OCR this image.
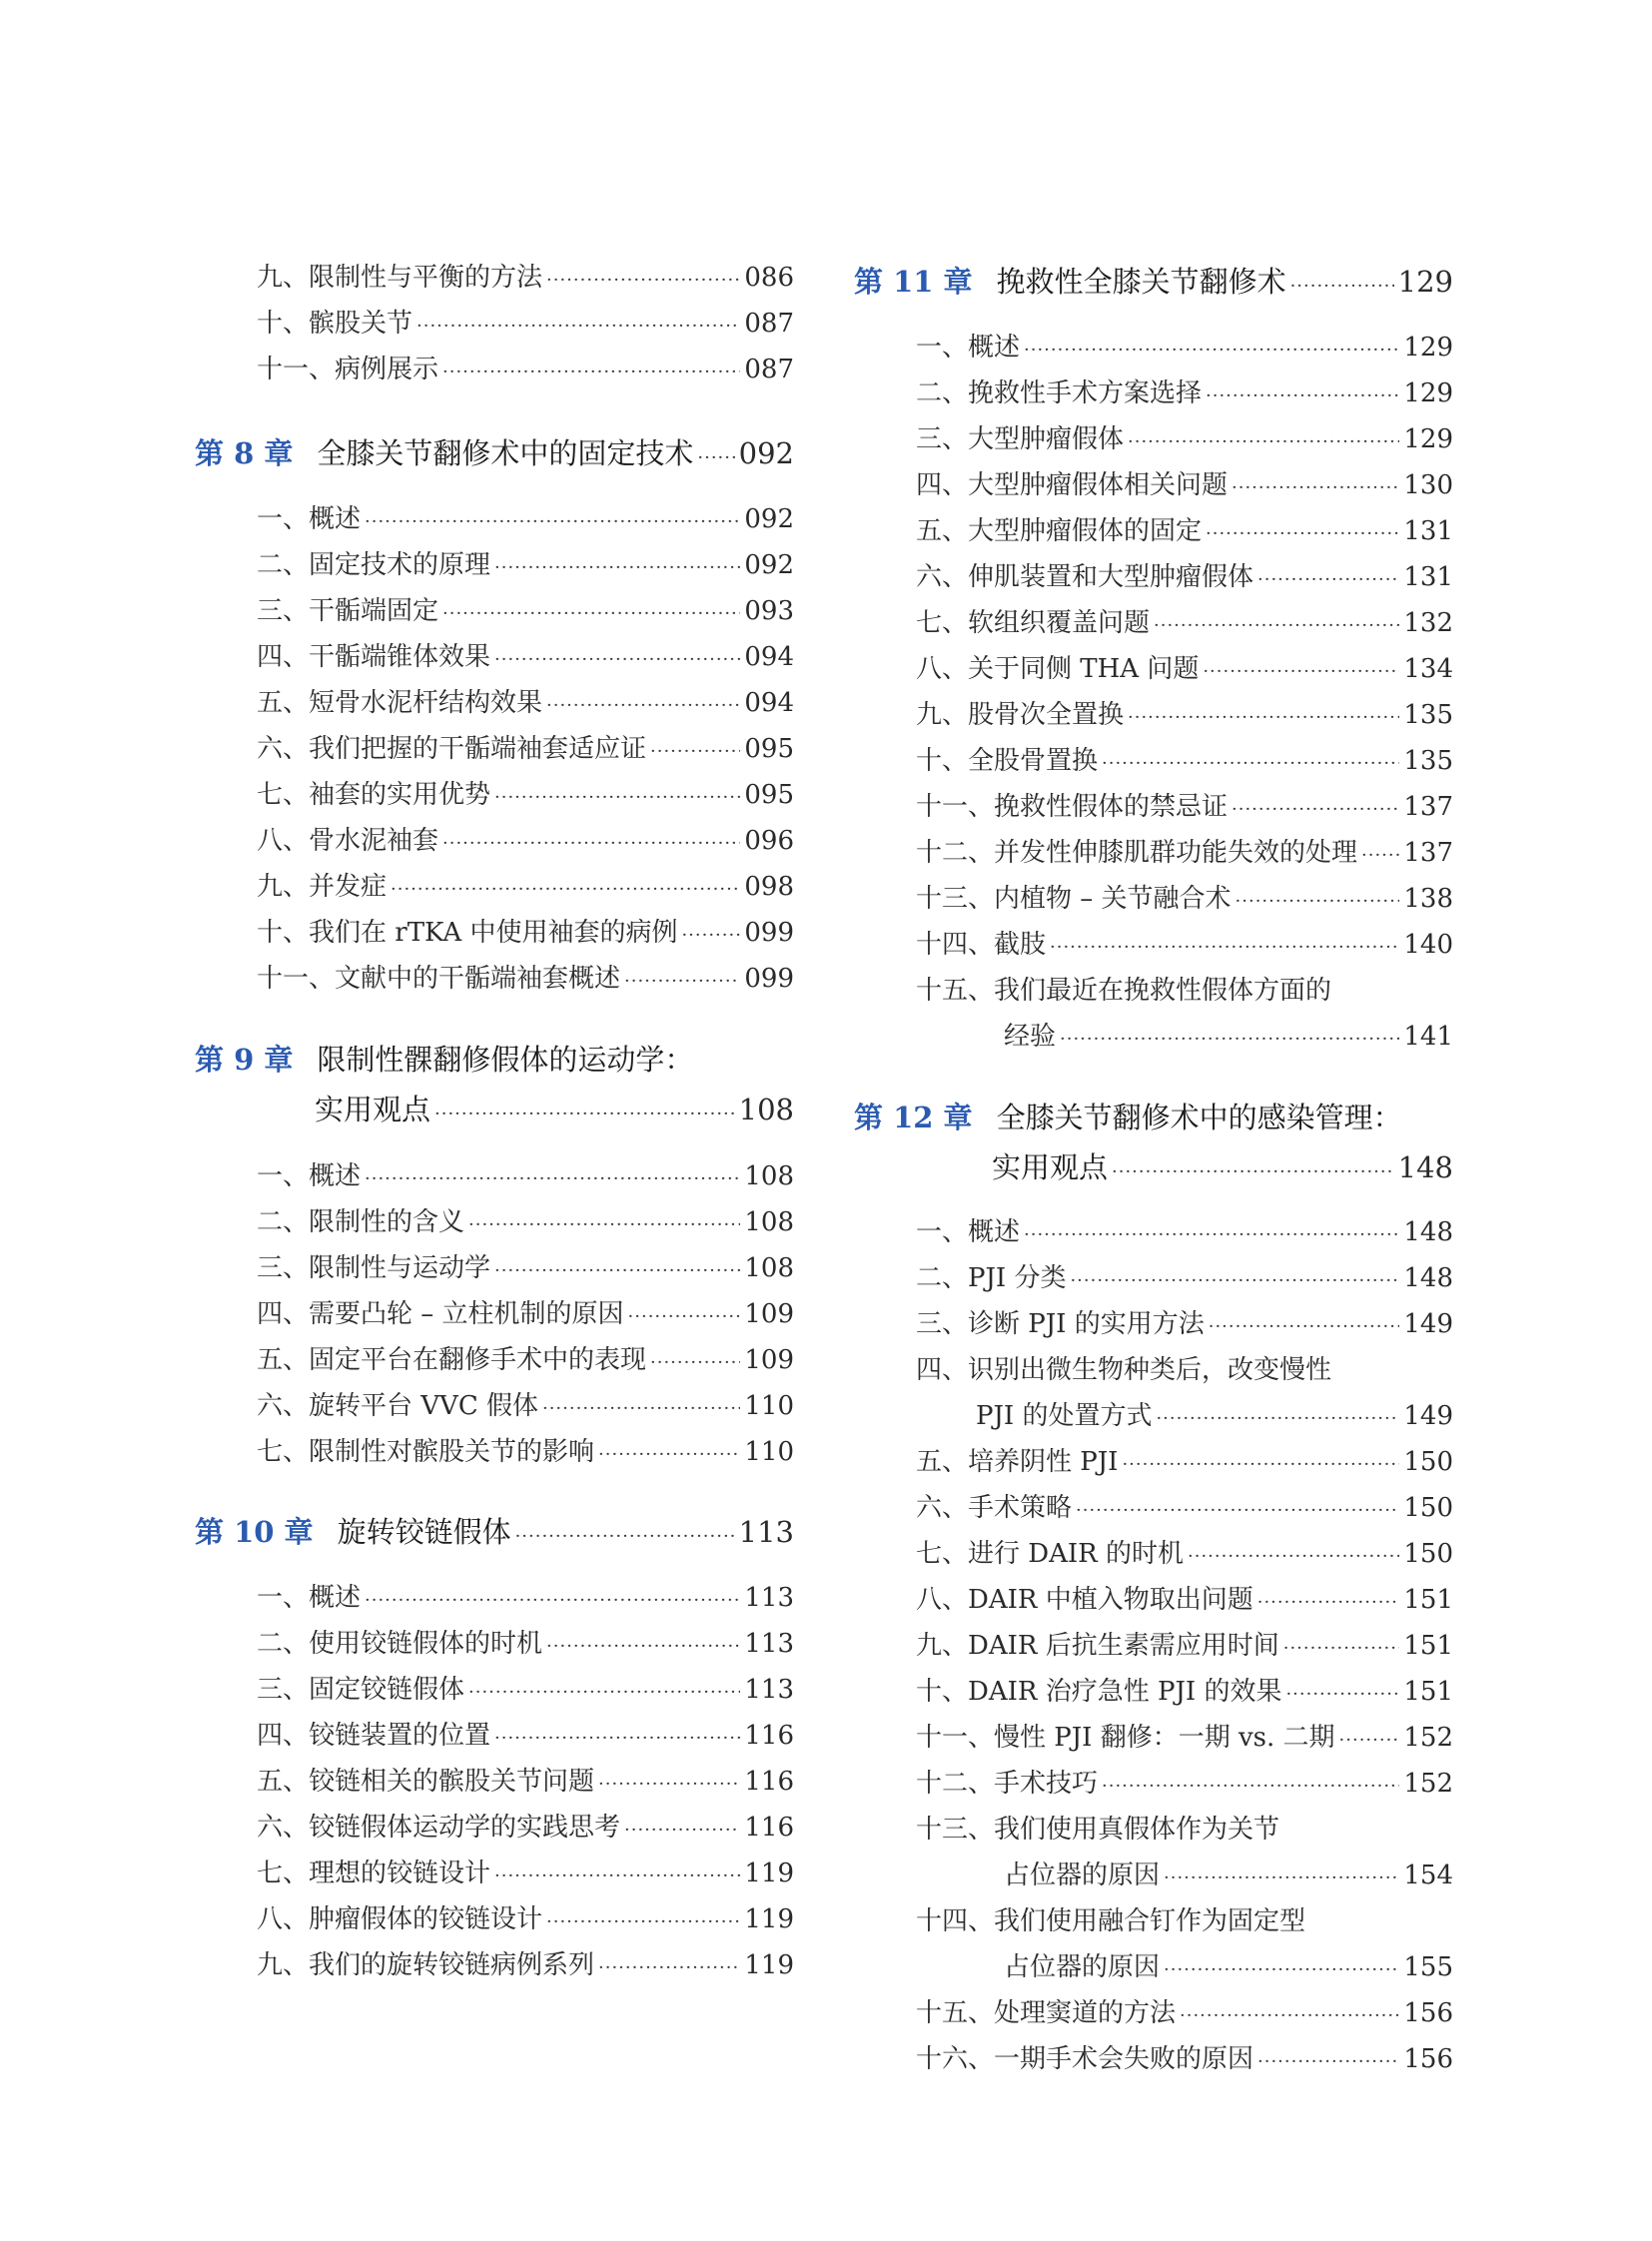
九、限制性与平衡的方法 ·····	086
十、髌股关节 ·····	087
十一、病例展示 ·····	087
第 8 章 全膝关节翻修术中的固定技术 ····· 092
一、概述 ·····	092
二、固定技术的原理 ·····	092
三、干骺端固定 ·····	093
四、干骺端锥体效果 ·····	094
五、短骨水泥杆结构效果 ·····	094
六、我们把握的干骺端袖套适应证 ·····	095
七、袖套的实用优势 ·····	095
八、骨水泥袖套 ·····	096
九、并发症 ·····	098
十、我们在 rTKA 中使用袖套的病例 ·····	099
十一、文献中的干骺端袖套概述 ·····	099
第 9 章 限制性髁翻修假体的运动学：
实用观点 ·····	108
一、概述 ·····	108
二、限制性的含义 ·····	108
三、限制性与运动学 ·····	108
四、需要凸轮 – 立柱机制的原因 ·····	109
五、固定平台在翻修手术中的表现 ·····	109
六、旋转平台 VVC 假体 ·····	110
七、限制性对髌股关节的影响 ·····	110
第 10 章 旋转铰链假体 ·····	113
一、概述 ·····	113
二、使用铰链假体的时机 ·····	113
三、固定铰链假体 ·····	113
四、铰链装置的位置 ·····	116
五、铰链相关的髌股关节问题 ·····	116
六、铰链假体运动学的实践思考 ·····	116
七、理想的铰链设计 ·····	119
八、肿瘤假体的铰链设计 ·····	119
九、我们的旋转铰链病例系列 ·····	119
第 11 章 挽救性全膝关节翻修术 ·····	129
一、概述 ·····	129
二、挽救性手术方案选择 ·····	129
三、大型肿瘤假体 ·····	129
四、大型肿瘤假体相关问题 ·····	130
五、大型肿瘤假体的固定 ·····	131
六、伸肌装置和大型肿瘤假体 ·····	131
七、软组织覆盖问题 ·····	132
八、关于同侧 THA 问题 ·····	134
九、股骨次全置换 ·····	135
十、全股骨置换 ·····	135
十一、挽救性假体的禁忌证 ·····	137
十二、并发性伸膝肌群功能失效的处理 ····· 137
十三、内植物 – 关节融合术 ·····	138
十四、截肢 ·····	140
十五、我们最近在挽救性假体方面的
经验 ·····	141
第 12 章 全膝关节翻修术中的感染管理：
实用观点 ·····	148
一、概述 ·····	148
二、PJI 分类 ·····	148
三、诊断 PJI 的实用方法 ·····	149
四、识别出微生物种类后，改变慢性
PJI 的处置方式 ·····	149
五、培养阴性 PJI ·····	150
六、手术策略 ·····	150
七、进行 DAIR 的时机 ·····	150
八、DAIR 中植入物取出问题 ·····	151
九、DAIR 后抗生素需应用时间 ·····	151
十、DAIR 治疗急性 PJI 的效果 ·····	151
十一、慢性 PJI 翻修：一期 vs. 二期 ·····	152
十二、手术技巧 ·····	152
十三、我们使用真假体作为关节
占位器的原因 ·····	154
十四、我们使用融合钉作为固定型
占位器的原因 ·····	155
十五、处理窦道的方法 ·····	156
十六、一期手术会失败的原因 ·····	156
